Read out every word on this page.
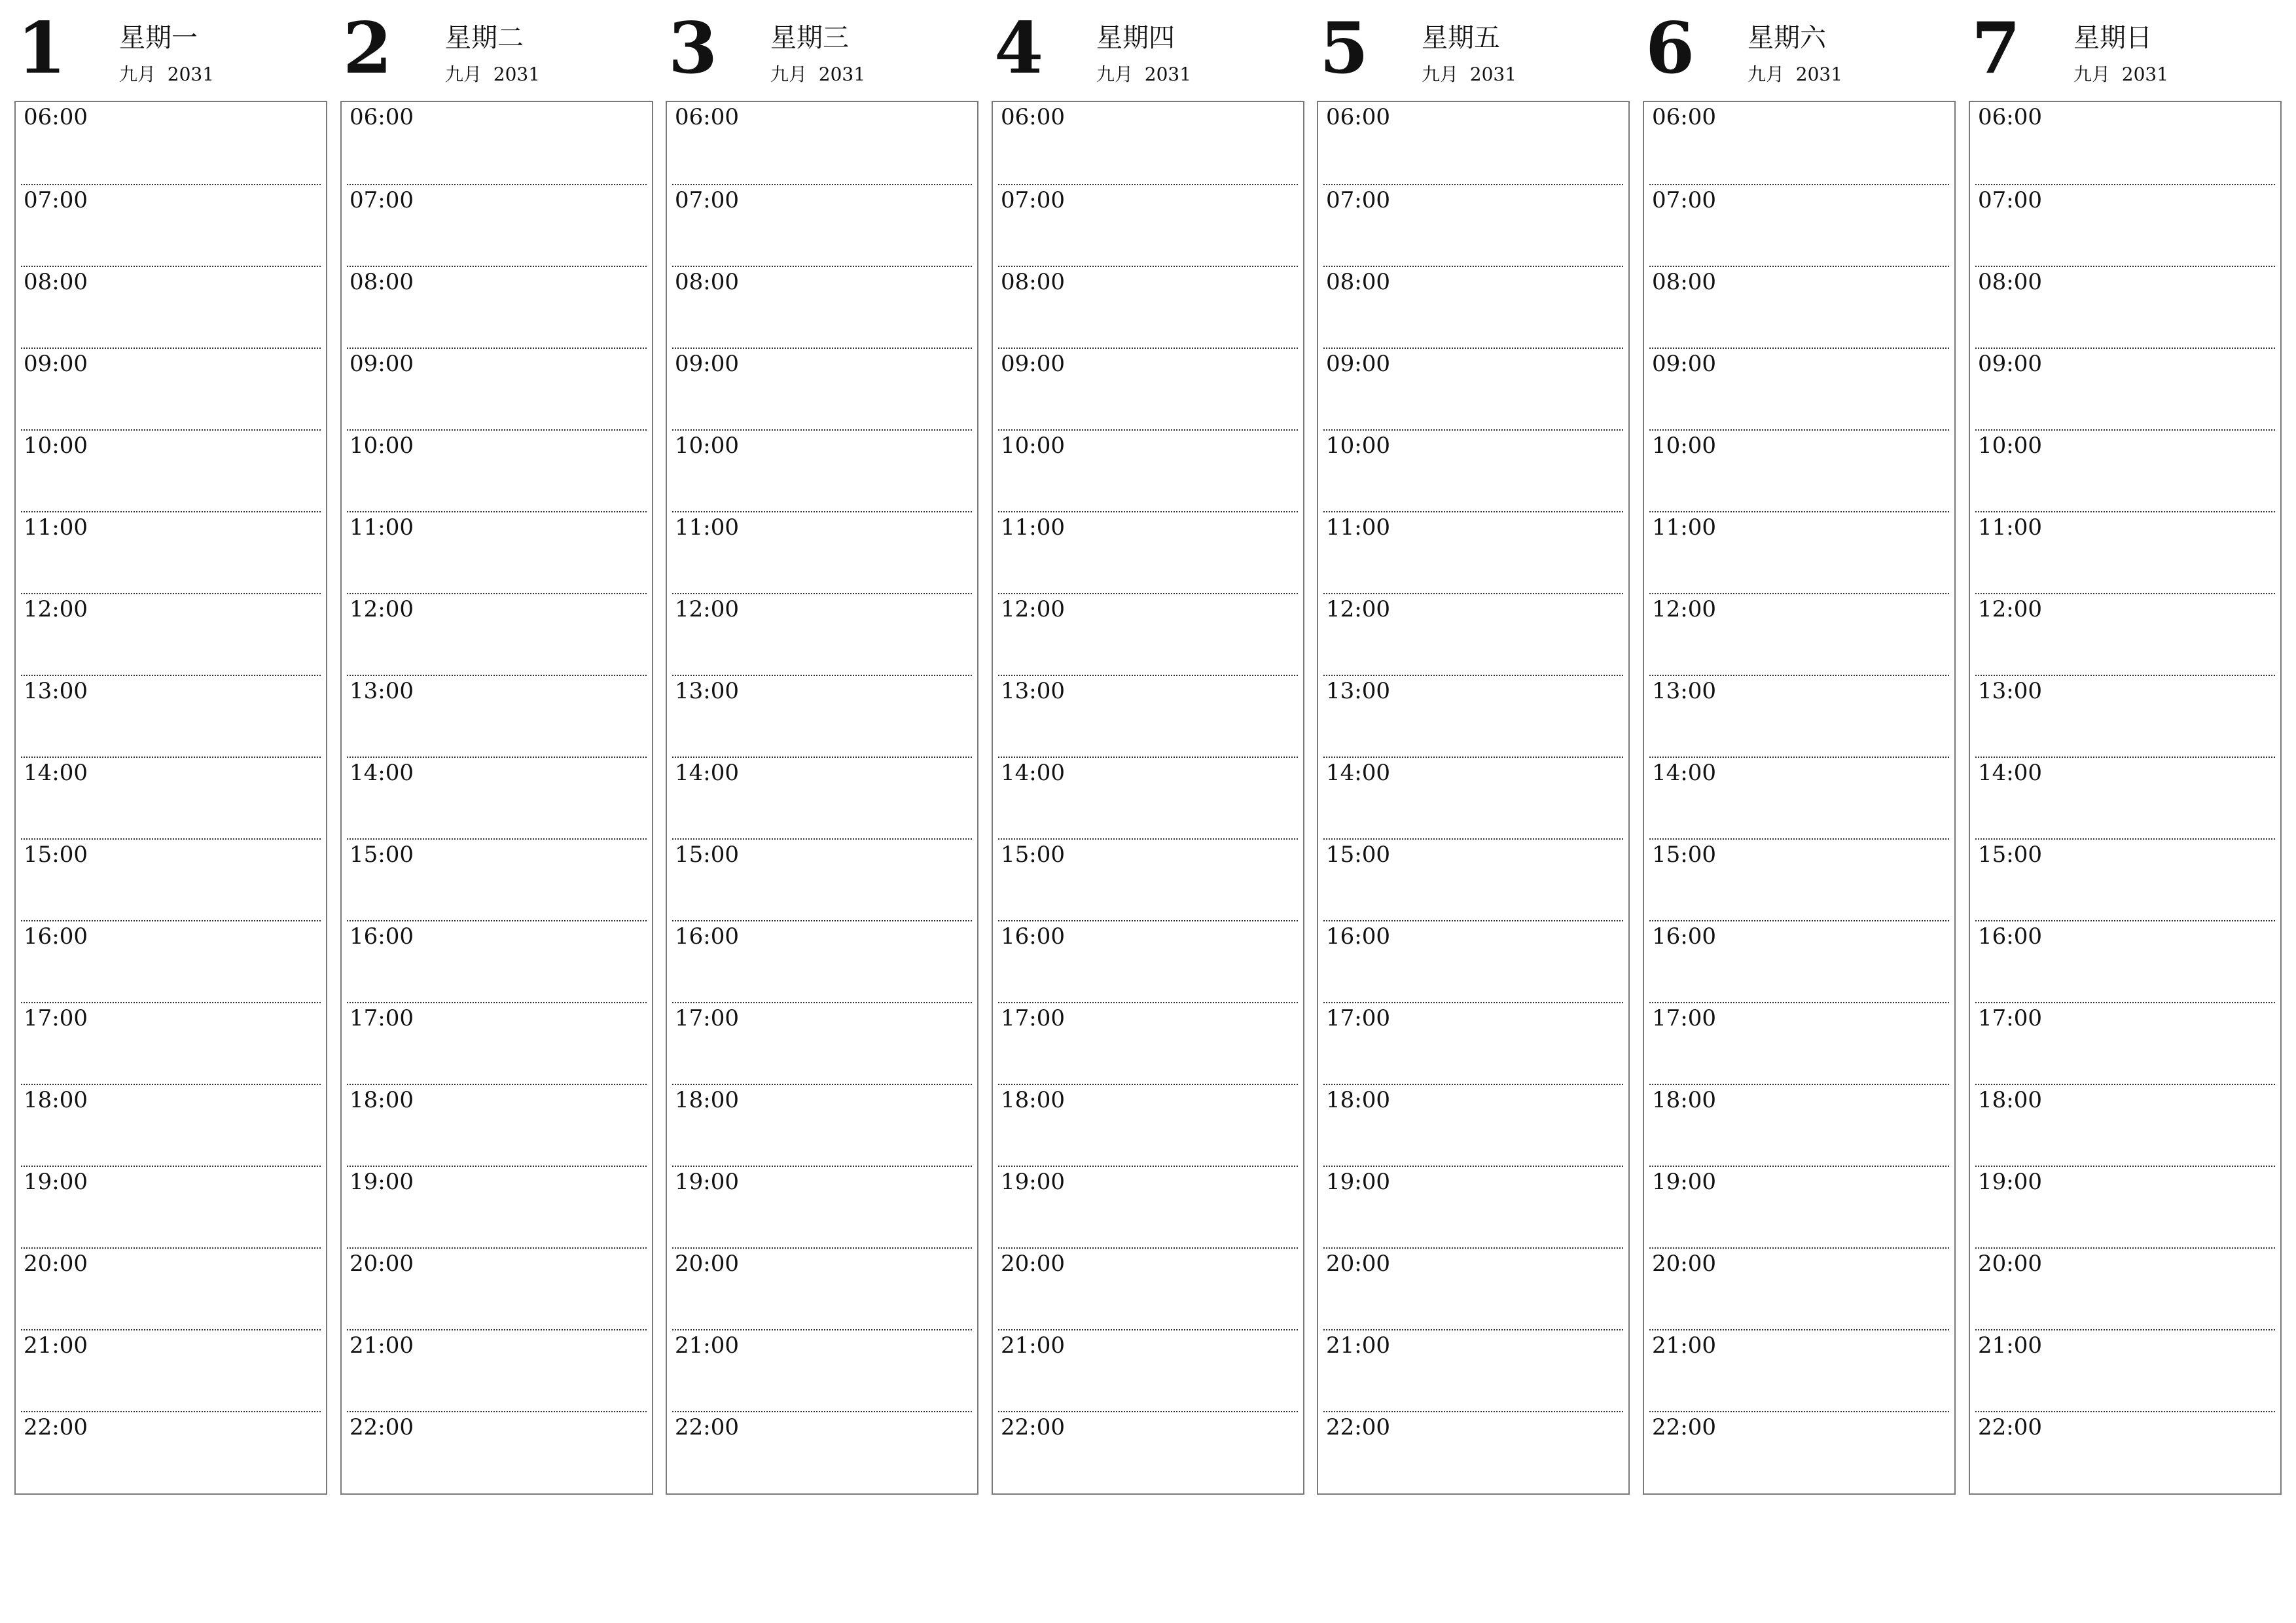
1 星期一
九月  2031
06:00
07:00
08:00
09:00
10:00
11:00
12:00
13:00
14:00
15:00
16:00
17:00
18:00
19:00
20:00
21:00
22:00
2 星期二
九月  2031
06:00
07:00
08:00
09:00
10:00
11:00
12:00
13:00
14:00
15:00
16:00
17:00
18:00
19:00
20:00
21:00
22:00
3 星期三
九月  2031
06:00
07:00
08:00
09:00
10:00
11:00
12:00
13:00
14:00
15:00
16:00
17:00
18:00
19:00
20:00
21:00
22:00
4 星期四
九月  2031
06:00
07:00
08:00
09:00
10:00
11:00
12:00
13:00
14:00
15:00
16:00
17:00
18:00
19:00
20:00
21:00
22:00
5 星期五
九月  2031
06:00
07:00
08:00
09:00
10:00
11:00
12:00
13:00
14:00
15:00
16:00
17:00
18:00
19:00
20:00
21:00
22:00
6 星期六
九月  2031
06:00
07:00
08:00
09:00
10:00
11:00
12:00
13:00
14:00
15:00
16:00
17:00
18:00
19:00
20:00
21:00
22:00
7 星期日
九月  2031
06:00
07:00
08:00
09:00
10:00
11:00
12:00
13:00
14:00
15:00
16:00
17:00
18:00
19:00
20:00
21:00
22:00
